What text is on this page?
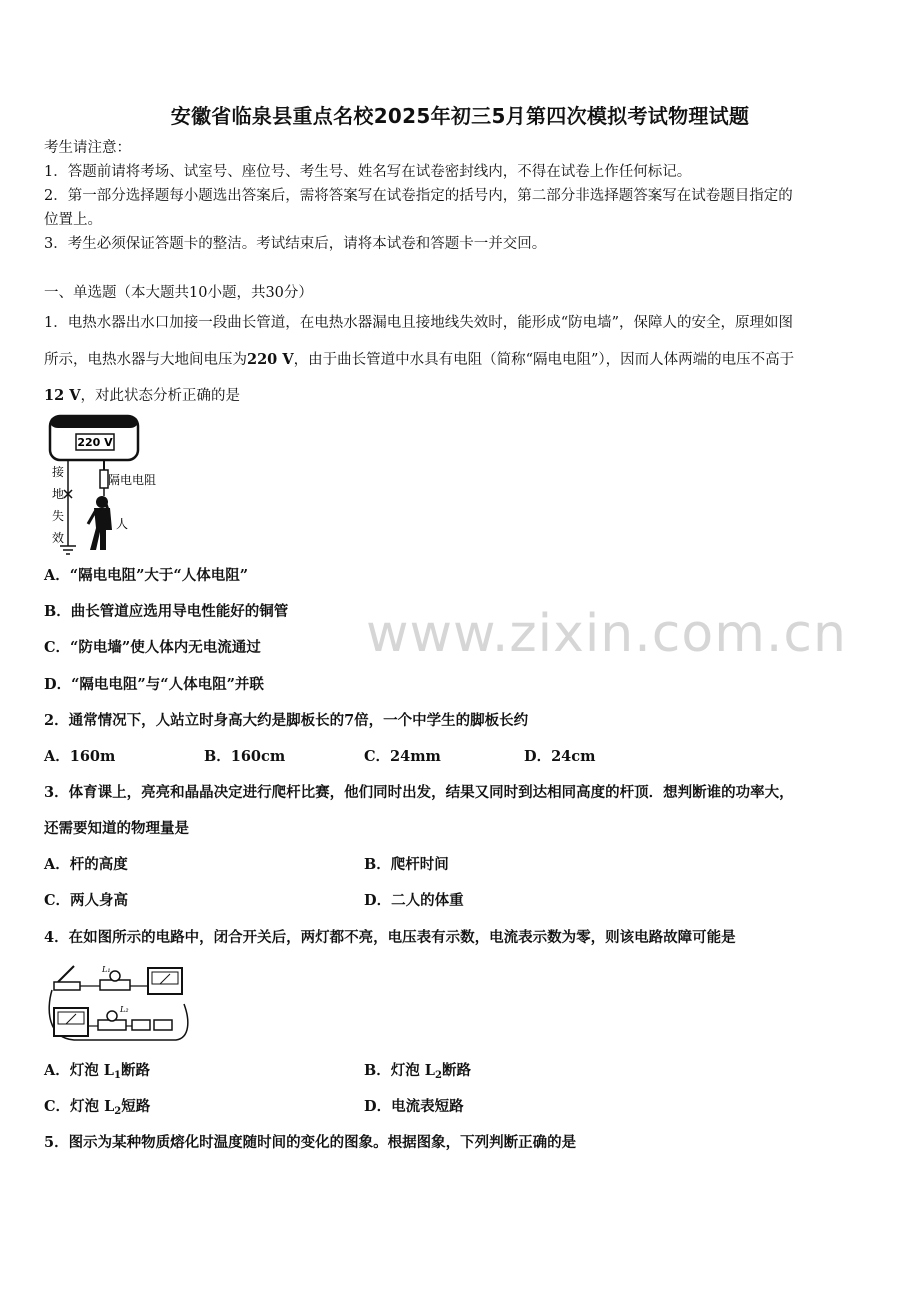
安徽省临泉县重点名校2025年初三5月第四次模拟考试物理试题
考生请注意：
1．答题前请将考场、试室号、座位号、考生号、姓名写在试卷密封线内，不得在试卷上作任何标记。
2．第一部分选择题每小题选出答案后，需将答案写在试卷指定的括号内，第二部分非选择题答案写在试卷题目指定的
位置上。
3．考生必须保证答题卡的整洁。考试结束后，请将本试卷和答题卡一并交回。
一、单选题（本大题共10小题，共30分）
1．电热水器出水口加接一段曲长管道，在电热水器漏电且接地线失效时，能形成“防电墙”，保障人的安全，原理如图
所示，电热水器与大地间电压为220 V，由于曲长管道中水具有电阻（简称“隔电电阻”），因而人体两端的电压不高于
12 V，对此状态分析正确的是
220 V
接
地
失
效
隔电电阻
人
A．“隔电电阻”大于“人体电阻”
B．曲长管道应选用导电性能好的铜管
C．“防电墙”使人体内无电流通过
D．“隔电电阻”与“人体电阻”并联
www.zixin.com.cn
2．通常情况下，人站立时身高大约是脚板长的7倍，一个中学生的脚板长约
A．160m	B．160cm	C．24mm	D．24cm
3．体育课上，亮亮和晶晶决定进行爬杆比赛，他们同时出发，结果又同时到达相同高度的杆顶．想判断谁的功率大，
还需要知道的物理量是
A．杆的高度	B．爬杆时间
C．两人身高	D．二人的体重
4．在如图所示的电路中，闭合开关后，两灯都不亮，电压表有示数，电流表示数为零，则该电路故障可能是
L₁
L₂
A．灯泡 $L_1$断路	B．灯泡 $L_2$断路
C．灯泡 $L_2$短路	D．电流表短路
5．图示为某种物质熔化时温度随时间的变化的图象。根据图象，下列判断正确的是
